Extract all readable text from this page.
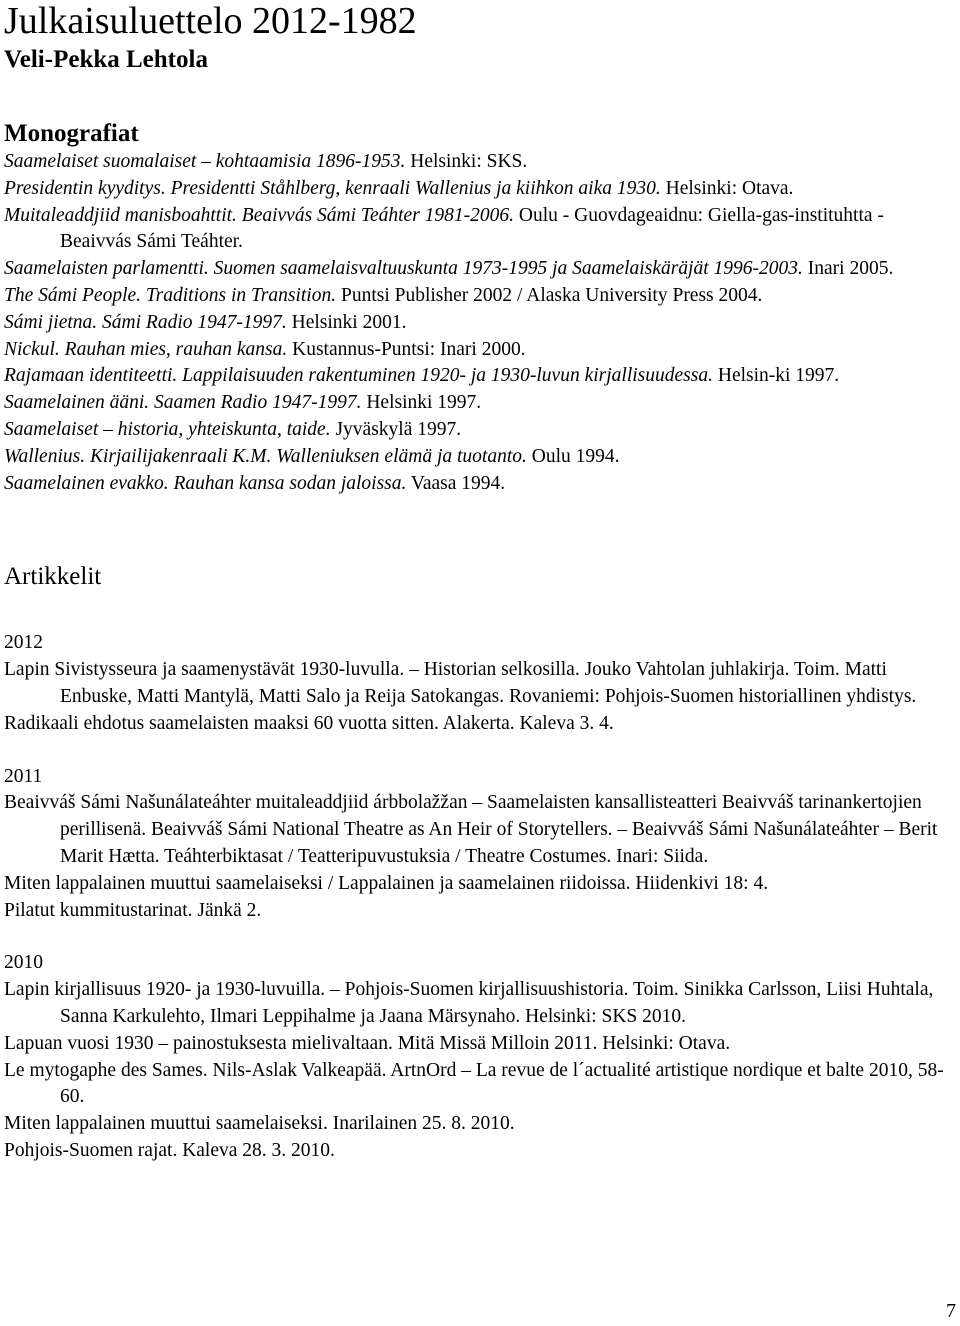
Julkaisuluettelo 2012-1982
Veli-Pekka Lehtola
Monografiat
Saamelaiset suomalaiset – kohtaamisia 1896-1953. Helsinki: SKS.
Presidentin kyyditys. Presidentti Ståhlberg, kenraali Wallenius ja kiihkon aika 1930. Helsinki: Otava.
Muitaleaddjiid manisboahttit. Beaivvás Sámi Teáhter 1981-2006. Oulu - Guovdageaidnu: Giella-gas-instituhtta - Beaivvás Sámi Teáhter.
Saamelaisten parlamentti. Suomen saamelaisvaltuuskunta 1973-1995 ja Saamelaiskäräjät 1996-2003. Inari 2005.
The Sámi People. Traditions in Transition. Puntsi Publisher 2002 / Alaska University Press 2004.
Sámi jietna. Sámi Radio 1947-1997. Helsinki 2001.
Nickul. Rauhan mies, rauhan kansa. Kustannus-Puntsi: Inari 2000.
Rajamaan identiteetti. Lappilaisuuden rakentuminen 1920- ja 1930-luvun kirjallisuudessa. Helsin-ki 1997.
Saamelainen ääni. Saamen Radio 1947-1997. Helsinki 1997.
Saamelaiset – historia, yhteiskunta, taide. Jyväskylä 1997.
Wallenius. Kirjailijakenraali K.M. Walleniuksen elämä ja tuotanto. Oulu 1994.
Saamelainen evakko. Rauhan kansa sodan jaloissa. Vaasa 1994.
Artikkelit
2012
Lapin Sivistysseura ja saamenystävät 1930-luvulla. – Historian selkosilla. Jouko Vahtolan juhlakirja. Toim. Matti Enbuske, Matti Mantylä, Matti Salo ja Reija Satokangas. Rovaniemi: Pohjois-Suomen historiallinen yhdistys.
Radikaali ehdotus saamelaisten maaksi 60 vuotta sitten. Alakerta. Kaleva 3. 4.
2011
Beaivváš Sámi Našunálateáhter muitaleaddjiid árbbolažžan – Saamelaisten kansallisteatteri Beaivváš tarinankertojien perillisenä. Beaivváš Sámi National Theatre as An Heir of Storytellers. – Beaivváš Sámi Našunálateáhter – Berit Marit Hætta. Teáhterbiktasat / Teatteripuvustuksia / Theatre Costumes. Inari: Siida.
Miten lappalainen muuttui saamelaiseksi / Lappalainen ja saamelainen riidoissa. Hiidenkivi 18: 4.
Pilatut kummitustarinat. Jänkä 2.
2010
Lapin kirjallisuus 1920- ja 1930-luvuilla. – Pohjois-Suomen kirjallisuushistoria. Toim. Sinikka Carlsson, Liisi Huhtala, Sanna Karkulehto, Ilmari Leppihalme ja Jaana Märsynaho. Helsinki: SKS 2010.
Lapuan vuosi 1930 – painostuksesta mielivaltaan. Mitä Missä Milloin 2011. Helsinki: Otava.
Le mytogaphe des Sames. Nils-Aslak Valkeapää. ArtnOrd – La revue de l´actualité artistique nordique et balte 2010, 58-60.
Miten lappalainen muuttui saamelaiseksi. Inarilainen 25. 8. 2010.
Pohjois-Suomen rajat. Kaleva 28. 3. 2010.
7
